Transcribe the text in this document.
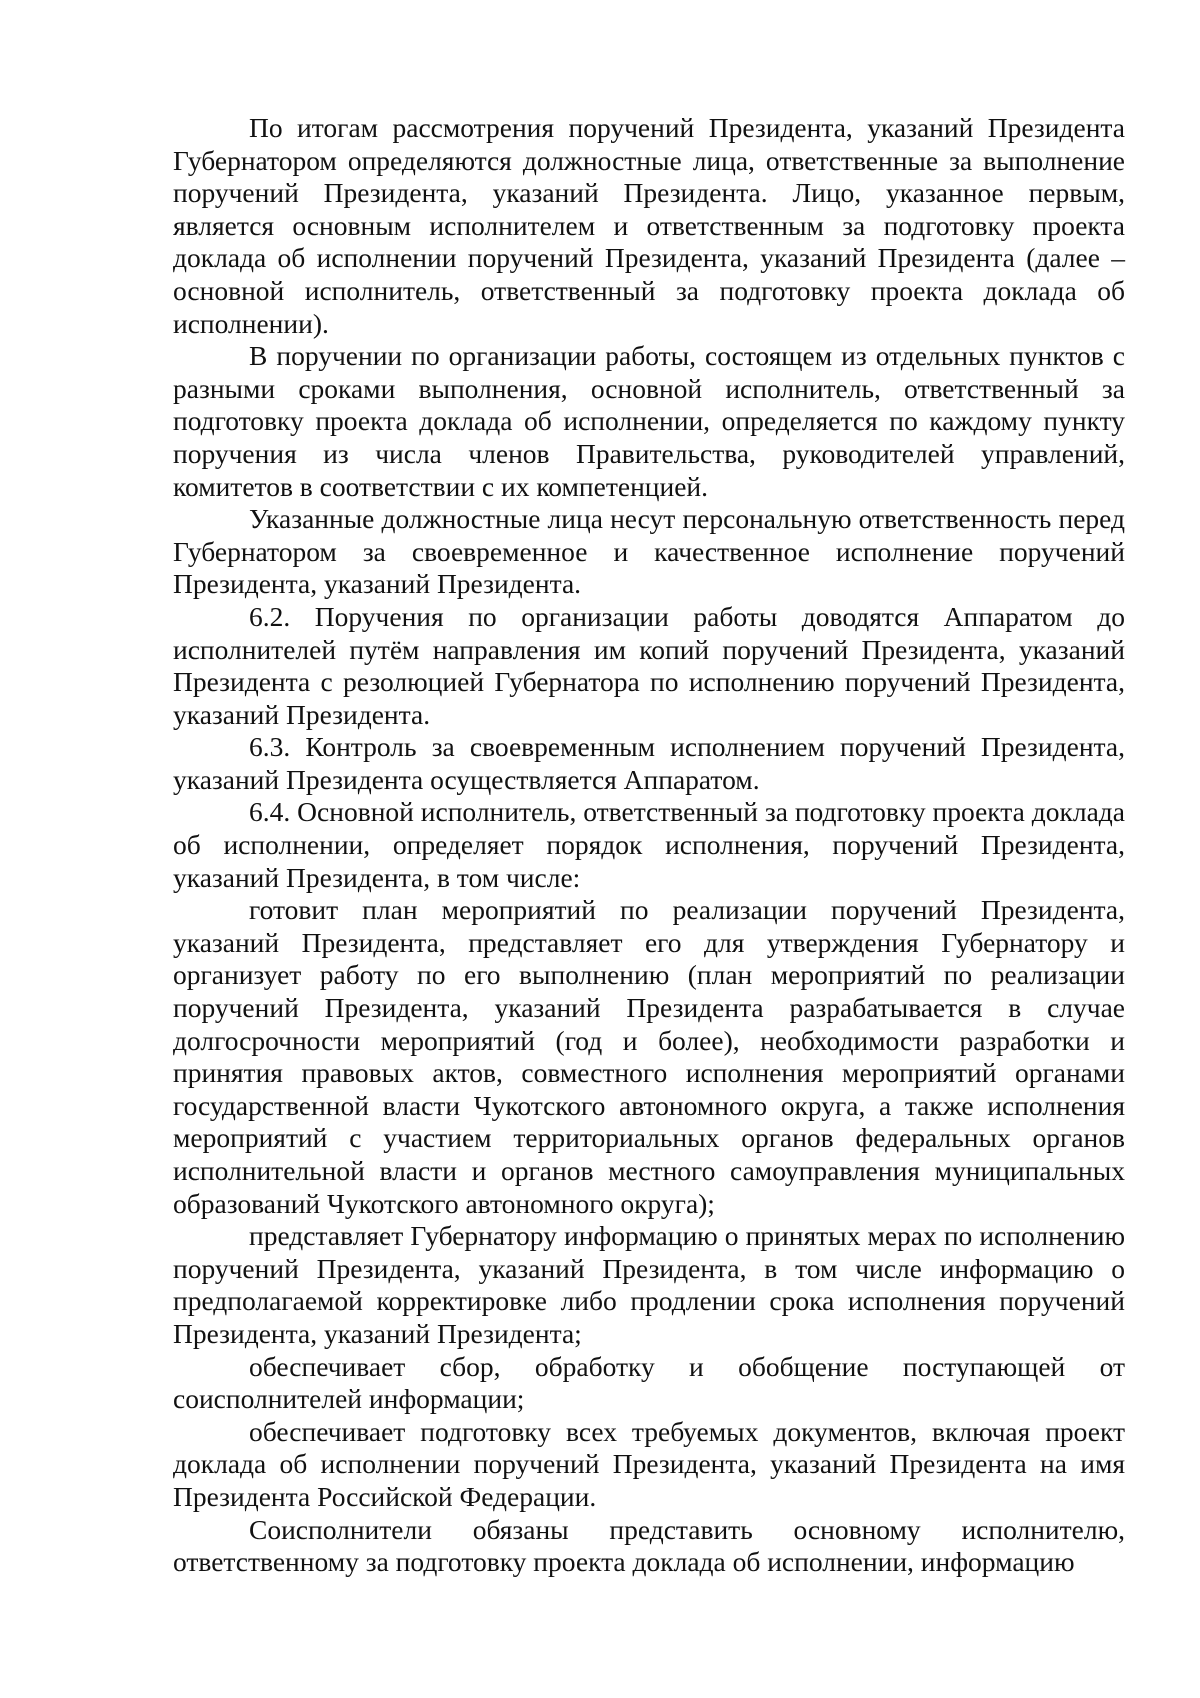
По итогам рассмотрения поручений Президента, указаний Президента Губернатором определяются должностные лица, ответственные за выполнение поручений Президента, указаний Президента. Лицо, указанное первым, является основным исполнителем и ответственным за подготовку проекта доклада об исполнении поручений Президента, указаний Президента (далее – основной исполнитель, ответственный за подготовку проекта доклада об исполнении).

В поручении по организации работы, состоящем из отдельных пунктов с разными сроками выполнения, основной исполнитель, ответственный за подготовку проекта доклада об исполнении, определяется по каждому пункту поручения из числа членов Правительства, руководителей управлений, комитетов в соответствии с их компетенцией.

Указанные должностные лица несут персональную ответственность перед Губернатором за своевременное и качественное исполнение поручений Президента, указаний Президента.

6.2. Поручения по организации работы доводятся Аппаратом до исполнителей путём направления им копий поручений Президента, указаний Президента с резолюцией Губернатора по исполнению поручений Президента, указаний Президента.

6.3. Контроль за своевременным исполнением поручений Президента, указаний Президента осуществляется Аппаратом.

6.4. Основной исполнитель, ответственный за подготовку проекта доклада об исполнении, определяет порядок исполнения, поручений Президента, указаний Президента, в том числе:

готовит план мероприятий по реализации поручений Президента, указаний Президента, представляет его для утверждения Губернатору и организует работу по его выполнению (план мероприятий по реализации поручений Президента, указаний Президента разрабатывается в случае долгосрочности мероприятий (год и более), необходимости разработки и принятия правовых актов, совместного исполнения мероприятий органами государственной власти Чукотского автономного округа, а также исполнения мероприятий с участием территориальных органов федеральных органов исполнительной власти и органов местного самоуправления муниципальных образований Чукотского автономного округа);

представляет Губернатору информацию о принятых мерах по исполнению поручений Президента, указаний Президента, в том числе информацию о предполагаемой корректировке либо продлении срока исполнения поручений Президента, указаний Президента;

обеспечивает сбор, обработку и обобщение поступающей от соисполнителей информации;

обеспечивает подготовку всех требуемых документов, включая проект доклада об исполнении поручений Президента, указаний Президента на имя Президента Российской Федерации.

Соисполнители обязаны представить основному исполнителю, ответственному за подготовку проекта доклада об исполнении, информацию
